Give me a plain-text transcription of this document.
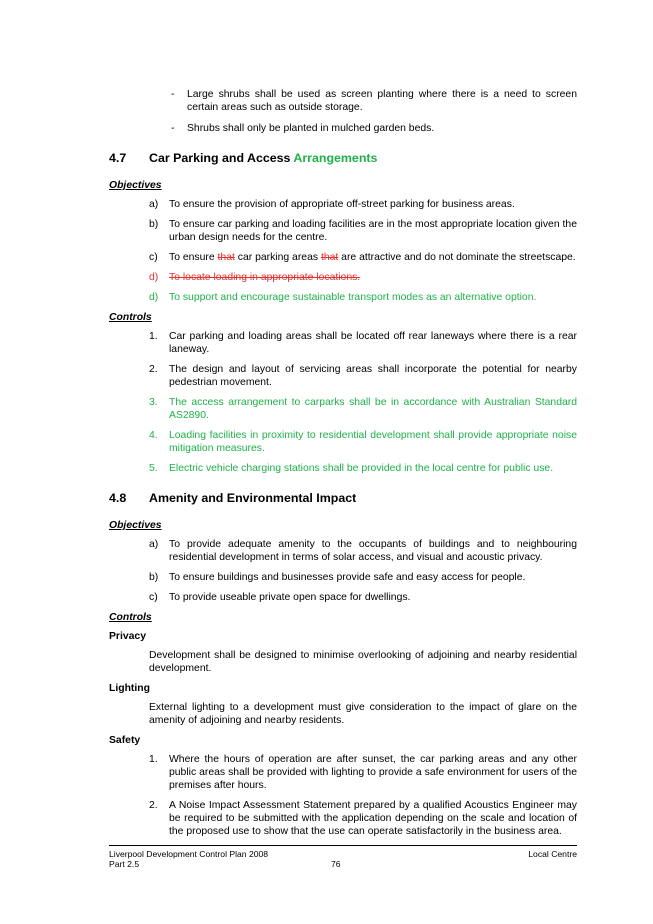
- Large shrubs shall be used as screen planting where there is a need to screen certain areas such as outside storage.

- Shrubs shall only be planted in mulched garden beds.

4.7 Car Parking and Access Arrangements

Objectives

a) To ensure the provision of appropriate off-street parking for business areas.

b) To ensure car parking and loading facilities are in the most appropriate location given the urban design needs for the centre.

c) To ensure that car parking areas that are attractive and do not dominate the streetscape.

d) To locate loading in appropriate locations.

d) To support and encourage sustainable transport modes as an alternative option.

Controls

1. Car parking and loading areas shall be located off rear laneways where there is a rear laneway.

2. The design and layout of servicing areas shall incorporate the potential for nearby pedestrian movement.

3. The access arrangement to carparks shall be in accordance with Australian Standard AS2890.

4. Loading facilities in proximity to residential development shall provide appropriate noise mitigation measures.

5. Electric vehicle charging stations shall be provided in the local centre for public use.

4.8 Amenity and Environmental Impact

Objectives

a) To provide adequate amenity to the occupants of buildings and to neighbouring residential development in terms of solar access, and visual and acoustic privacy.

b) To ensure buildings and businesses provide safe and easy access for people.

c) To provide useable private open space for dwellings.

Controls

Privacy

Development shall be designed to minimise overlooking of adjoining and nearby residential development.

Lighting

External lighting to a development must give consideration to the impact of glare on the amenity of adjoining and nearby residents.

Safety

1. Where the hours of operation are after sunset, the car parking areas and any other public areas shall be provided with lighting to provide a safe environment for users of the premises after hours.

2. A Noise Impact Assessment Statement prepared by a qualified Acoustics Engineer may be required to be submitted with the application depending on the scale and location of the proposed use to show that the use can operate satisfactorily in the business area.

Liverpool Development Control Plan 2008
Part 2.5	76
Local Centre
